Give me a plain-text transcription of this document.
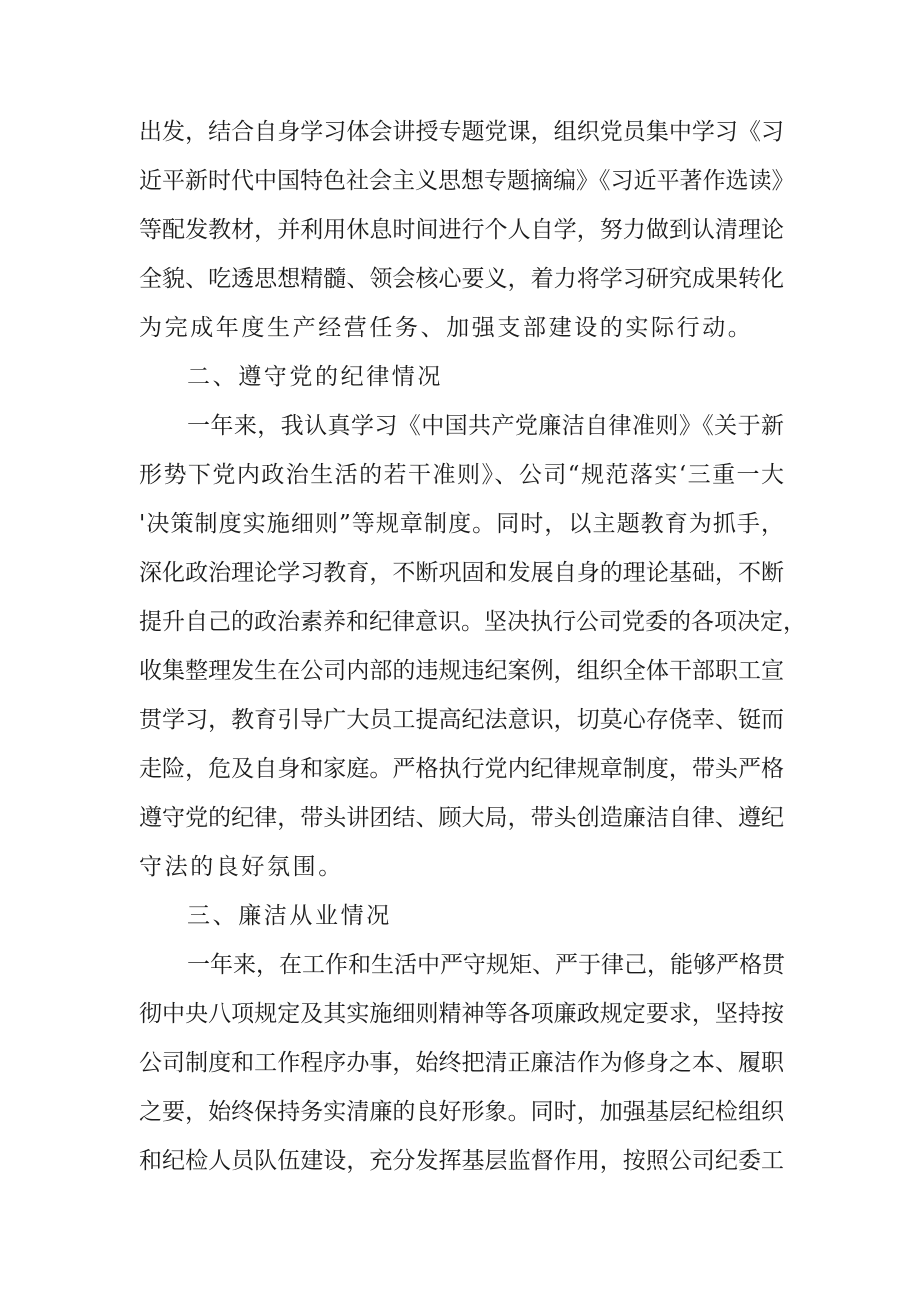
出发，结合自身学习体会讲授专题党课，组织党员集中学习《习
近平新时代中国特色社会主义思想专题摘编》《习近平著作选读》
等配发教材，并利用休息时间进行个人自学，努力做到认清理论
全貌、吃透思想精髓、领会核心要义，着力将学习研究成果转化
为完成年度生产经营任务、加强支部建设的实际行动。
二、遵守党的纪律情况
一年来，我认真学习《中国共产党廉洁自律准则》《关于新
形势下党内政治生活的若干准则》、公司“规范落实‘三重一大
'决策制度实施细则”等规章制度。同时，以主题教育为抓手，
深化政治理论学习教育，不断巩固和发展自身的理论基础，不断
提升自己的政治素养和纪律意识。坚决执行公司党委的各项决定，
收集整理发生在公司内部的违规违纪案例，组织全体干部职工宣
贯学习，教育引导广大员工提高纪法意识，切莫心存侥幸、铤而
走险，危及自身和家庭。严格执行党内纪律规章制度，带头严格
遵守党的纪律，带头讲团结、顾大局，带头创造廉洁自律、遵纪
守法的良好氛围。
三、廉洁从业情况
一年来，在工作和生活中严守规矩、严于律己，能够严格贯
彻中央八项规定及其实施细则精神等各项廉政规定要求，坚持按
公司制度和工作程序办事，始终把清正廉洁作为修身之本、履职
之要，始终保持务实清廉的良好形象。同时，加强基层纪检组织
和纪检人员队伍建设，充分发挥基层监督作用，按照公司纪委工
